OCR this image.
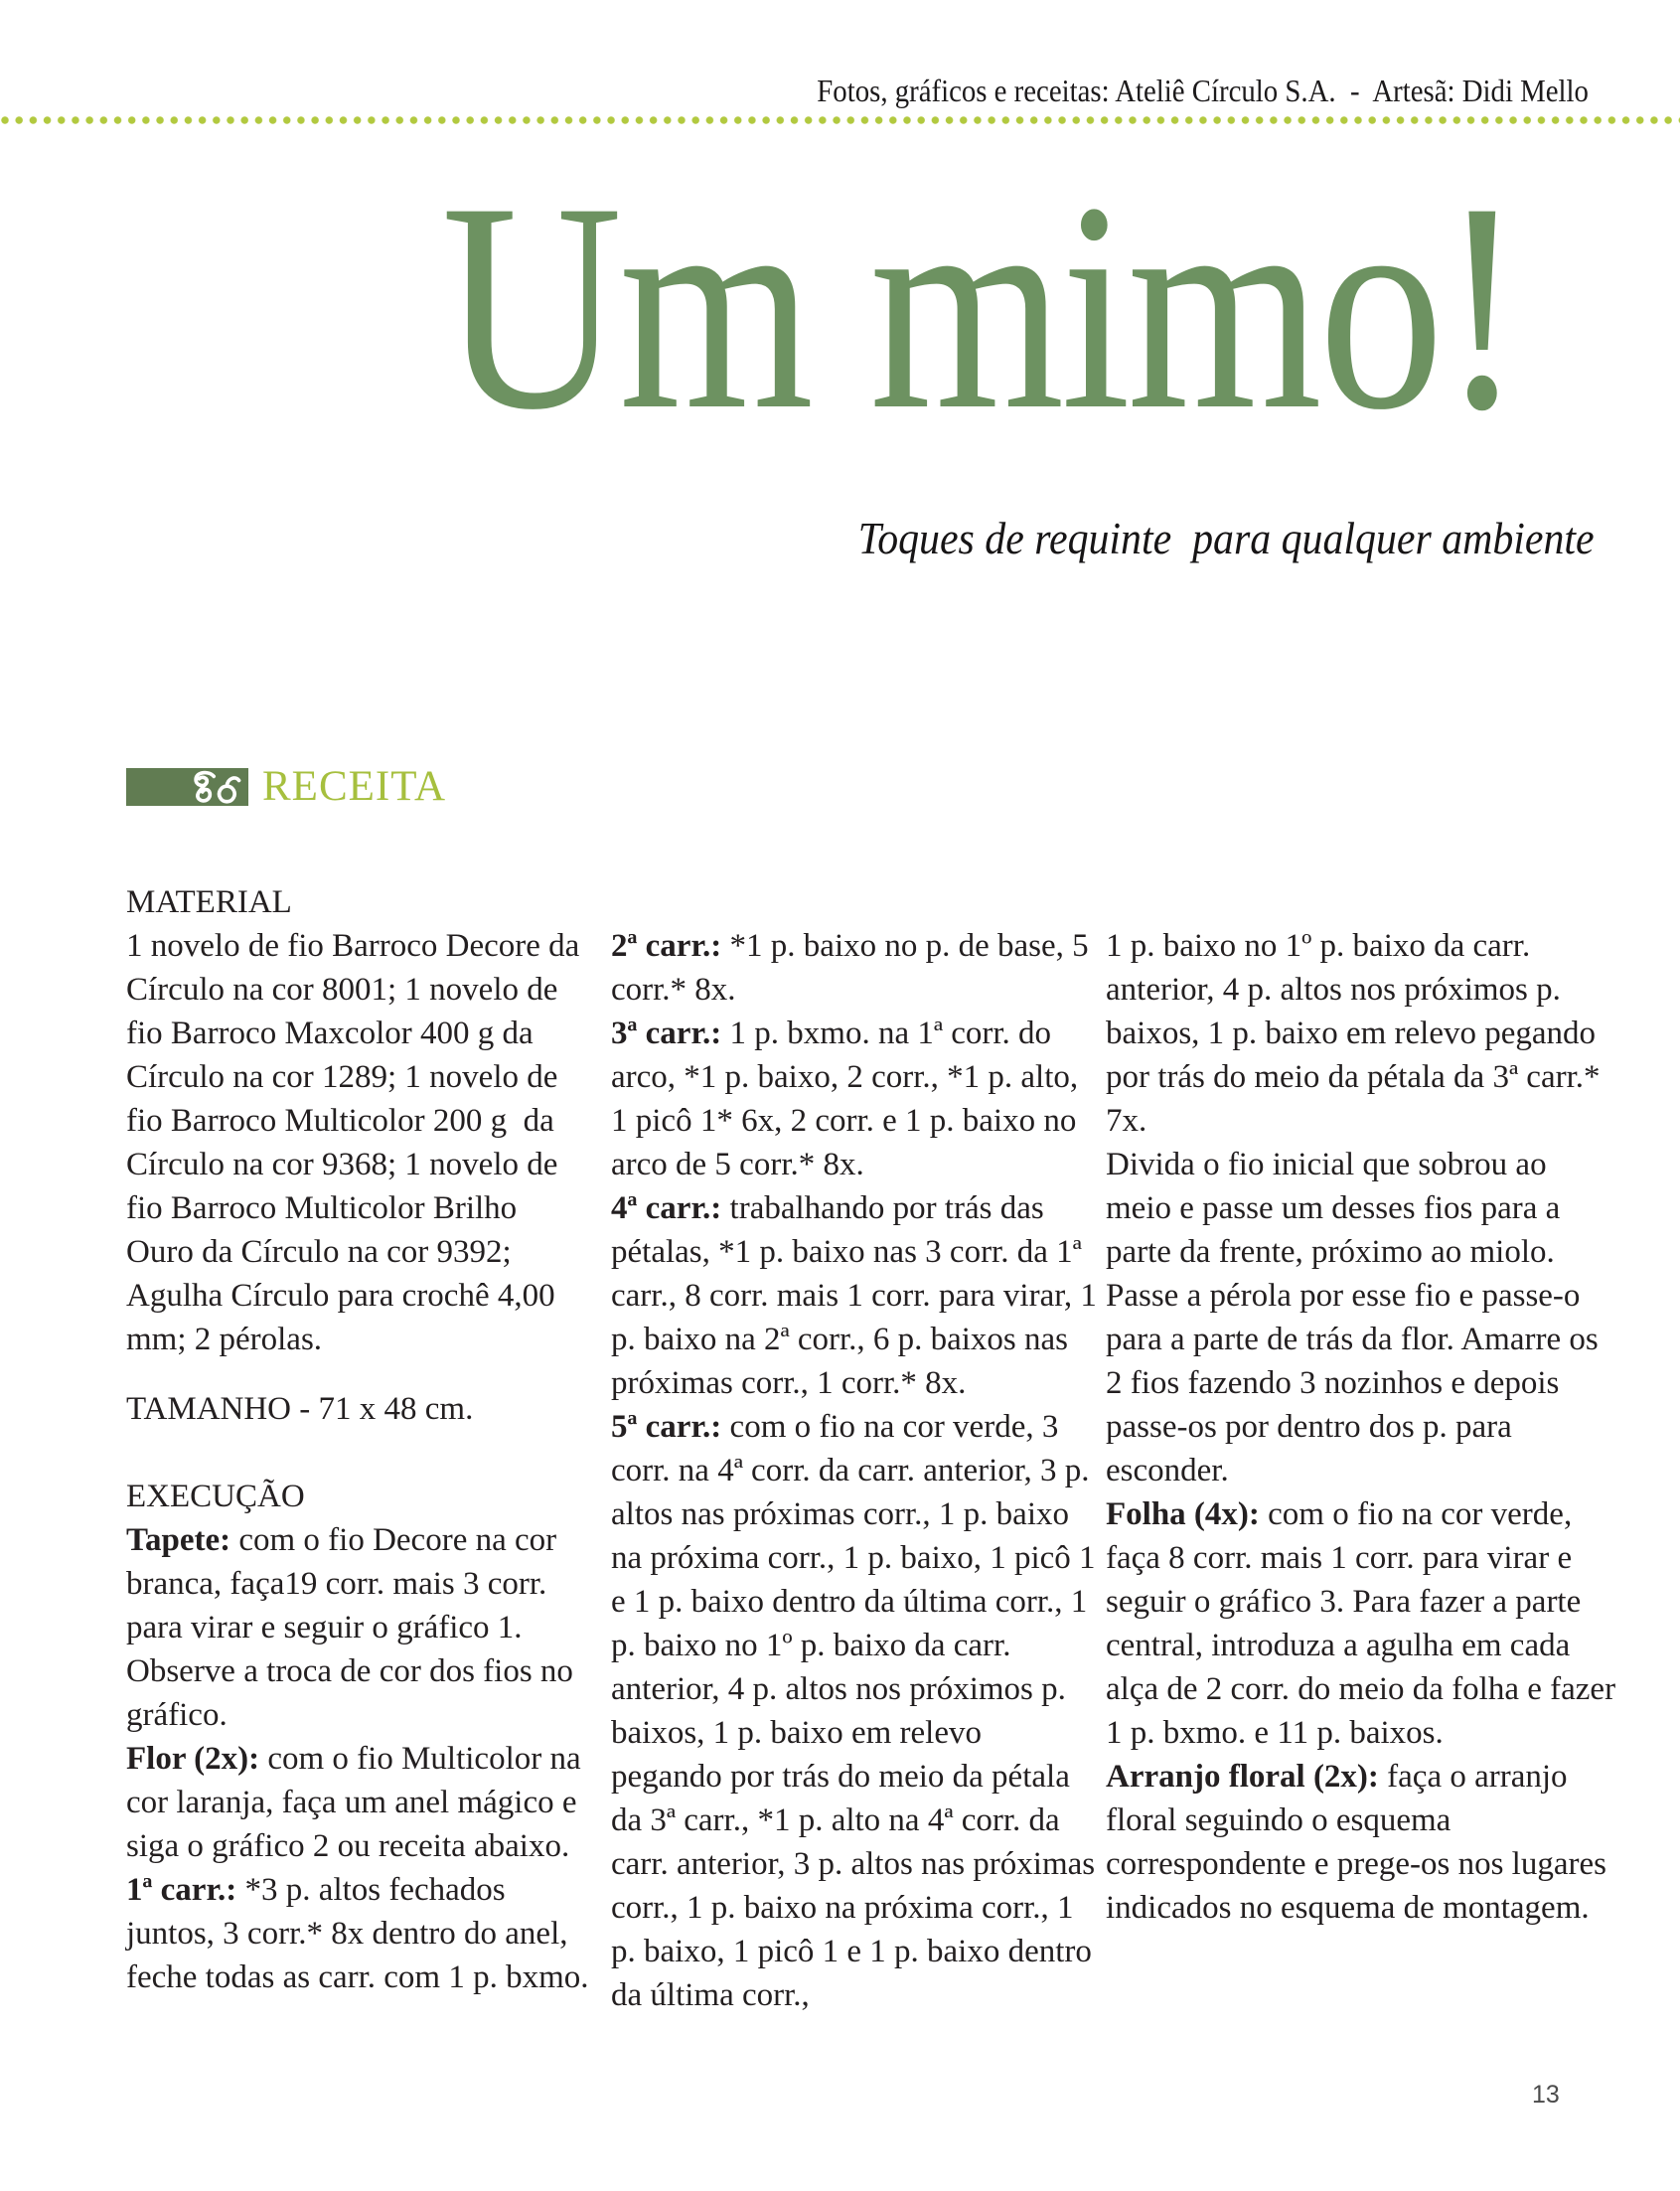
Fotos, gráficos e receitas: Ateliê Círculo S.A.  -  Artesã: Didi Mello
Um mimo!
Toques de requinte  para qualquer ambiente
RECEITA

MATERIAL

1 novelo de fio Barroco Decore da Círculo na cor 8001; 1 novelo de fio Barroco Maxcolor 400 g da Círculo na cor 1289; 1 novelo de fio Barroco Multicolor 200 g  da Círculo na cor 9368; 1 novelo de fio Barroco Multicolor Brilho Ouro da Círculo na cor 9392; Agulha Círculo para crochê 4,00 mm; 2 pérolas.

TAMANHO - 71 x 48 cm.

EXECUÇÃO

Tapete: com o fio Decore na cor branca, faça19 corr. mais 3 corr. para virar e seguir o gráfico 1. Observe a troca de cor dos fios no gráfico.

Flor (2x): com o fio Multicolor na cor laranja, faça um anel mágico e siga o gráfico 2 ou receita abaixo.

1ª carr.: *3 p. altos fechados juntos, 3 corr.* 8x dentro do anel, feche todas as carr. com 1 p. bxmo.

2ª carr.: *1 p. baixo no p. de base, 5 corr.* 8x.

3ª carr.: 1 p. bxmo. na 1ª corr. do arco, *1 p. baixo, 2 corr., *1 p. alto, 1 picô 1* 6x, 2 corr. e 1 p. baixo no arco de 5 corr.* 8x.

4ª carr.: trabalhando por trás das pétalas, *1 p. baixo nas 3 corr. da 1ª carr., 8 corr. mais 1 corr. para virar, 1 p. baixo na 2ª corr., 6 p. baixos nas próximas corr., 1 corr.* 8x.

5ª carr.: com o fio na cor verde, 3 corr. na 4ª corr. da carr. anterior, 3 p. altos nas próximas corr., 1 p. baixo na próxima corr., 1 p. baixo, 1 picô 1 e 1 p. baixo dentro da última corr., 1 p. baixo no 1º p. baixo da carr. anterior, 4 p. altos nos próximos p. baixos, 1 p. baixo em relevo pegando por trás do meio da pétala da 3ª carr., *1 p. alto na 4ª corr. da carr. anterior, 3 p. altos nas próximas corr., 1 p. baixo na próxima corr., 1 p. baixo, 1 picô 1 e 1 p. baixo dentro da última corr.,

1 p. baixo no 1º p. baixo da carr. anterior, 4 p. altos nos próximos p. baixos, 1 p. baixo em relevo pegando por trás do meio da pétala da 3ª carr.* 7x.

Divida o fio inicial que sobrou ao meio e passe um desses fios para a parte da frente, próximo ao miolo. Passe a pérola por esse fio e passe-o para a parte de trás da flor. Amarre os 2 fios fazendo 3 nozinhos e depois passe-os por dentro dos p. para esconder.

Folha (4x): com o fio na cor verde, faça 8 corr. mais 1 corr. para virar e seguir o gráfico 3. Para fazer a parte central, introduza a agulha em cada alça de 2 corr. do meio da folha e fazer 1 p. bxmo. e 11 p. baixos.

Arranjo floral (2x): faça o arranjo floral seguindo o esquema correspondente e prege-os nos lugares indicados no esquema de montagem.

13
